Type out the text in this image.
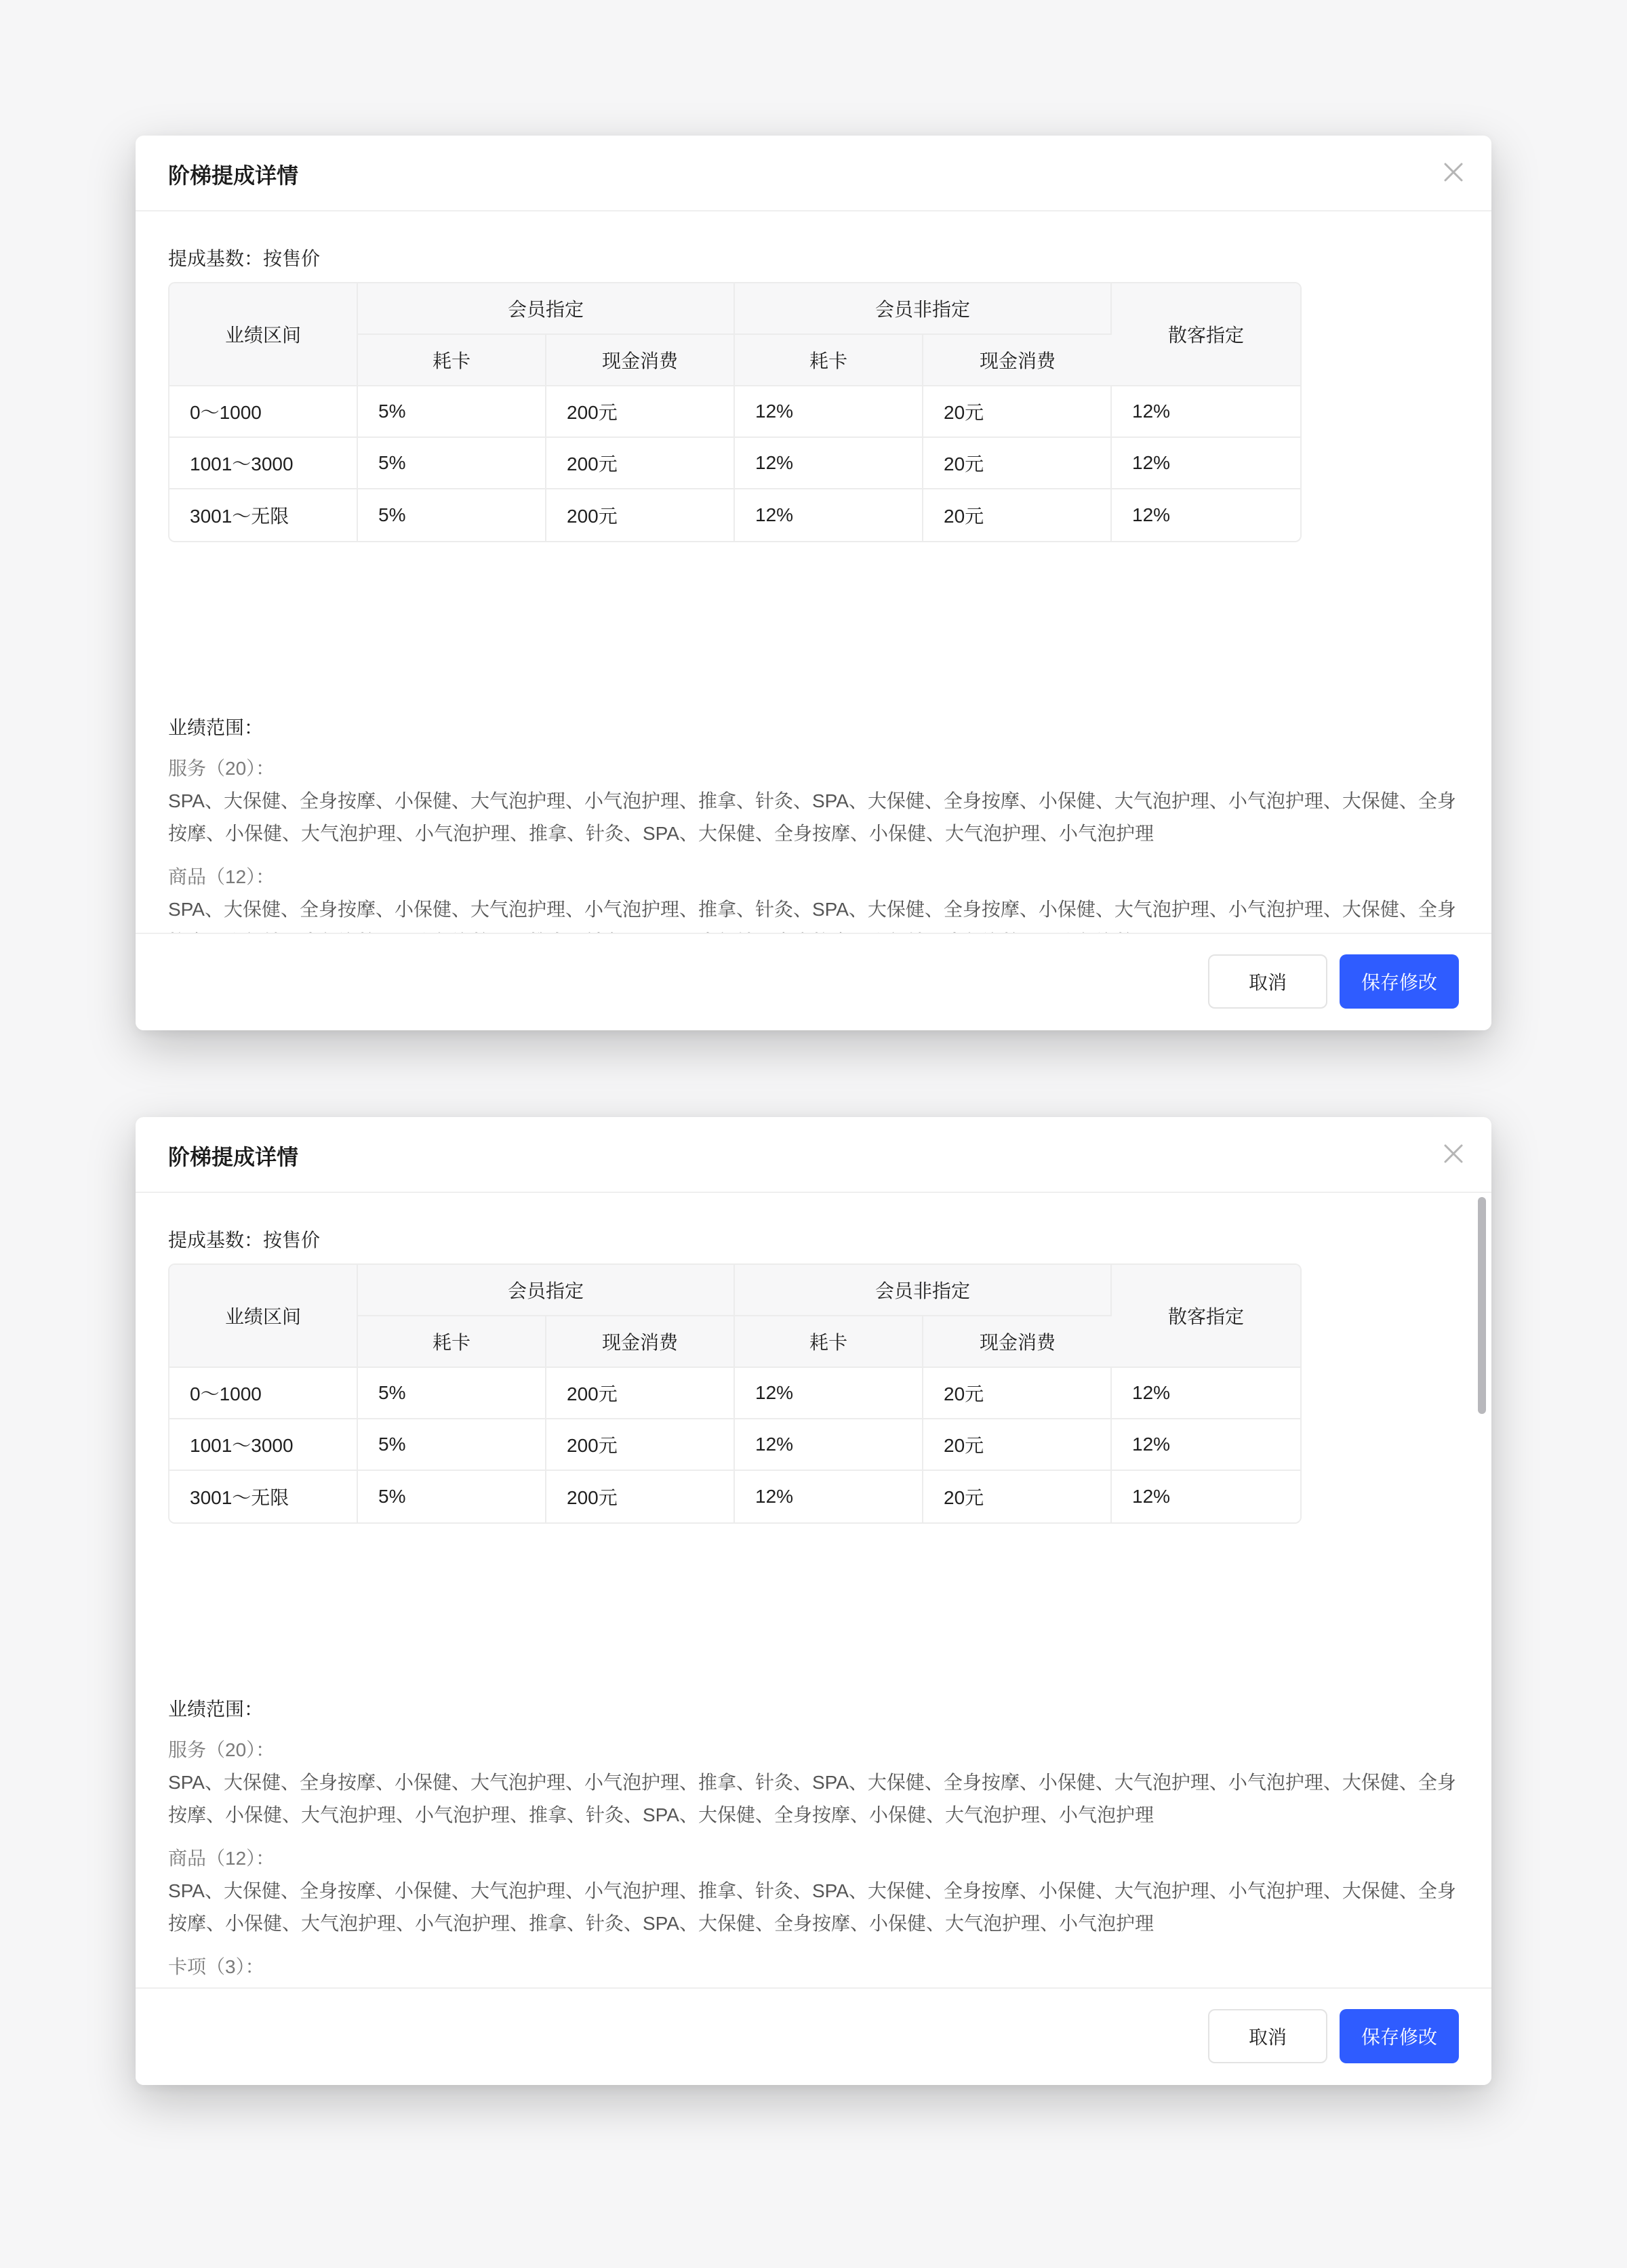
阶梯提成详情
提成基数：按售价
业绩区间	会员指定		会员非指定		散客指定
	耗卡	现金消费	耗卡	现金消费	
0～1000	5%	200元	12%	20元	12%
1001～3000	5%	200元	12%	20元	12%
3001～无限	5%	200元	12%	20元	12%
业绩范围：
服务（20）：
SPA、大保健、全身按摩、小保健、大气泡护理、小气泡护理、推拿、针灸、SPA、大保健、全身按摩、小保健、大气泡护理、小气泡护理、大保健、全身按摩、小保健、大气泡护理、小气泡护理、推拿、针灸、SPA、大保健、全身按摩、小保健、大气泡护理、小气泡护理
商品（12）：
SPA、大保健、全身按摩、小保健、大气泡护理、小气泡护理、推拿、针灸、SPA、大保健、全身按摩、小保健、大气泡护理、小气泡护理、大保健、全身
取消	保存修改
阶梯提成详情
提成基数：按售价
业绩区间	会员指定		会员非指定		散客指定
	耗卡	现金消费	耗卡	现金消费	
0～1000	5%	200元	12%	20元	12%
1001～3000	5%	200元	12%	20元	12%
3001～无限	5%	200元	12%	20元	12%
业绩范围：
服务（20）：
SPA、大保健、全身按摩、小保健、大气泡护理、小气泡护理、推拿、针灸、SPA、大保健、全身按摩、小保健、大气泡护理、小气泡护理、大保健、全身按摩、小保健、大气泡护理、小气泡护理、推拿、针灸、SPA、大保健、全身按摩、小保健、大气泡护理、小气泡护理
商品（12）：
SPA、大保健、全身按摩、小保健、大气泡护理、小气泡护理、推拿、针灸、SPA、大保健、全身按摩、小保健、大气泡护理、小气泡护理、大保健、全身按摩、小保健、大气泡护理、小气泡护理、推拿、针灸、SPA、大保健、全身按摩、小保健、大气泡护理、小气泡护理
卡项（3）：
取消	保存修改
